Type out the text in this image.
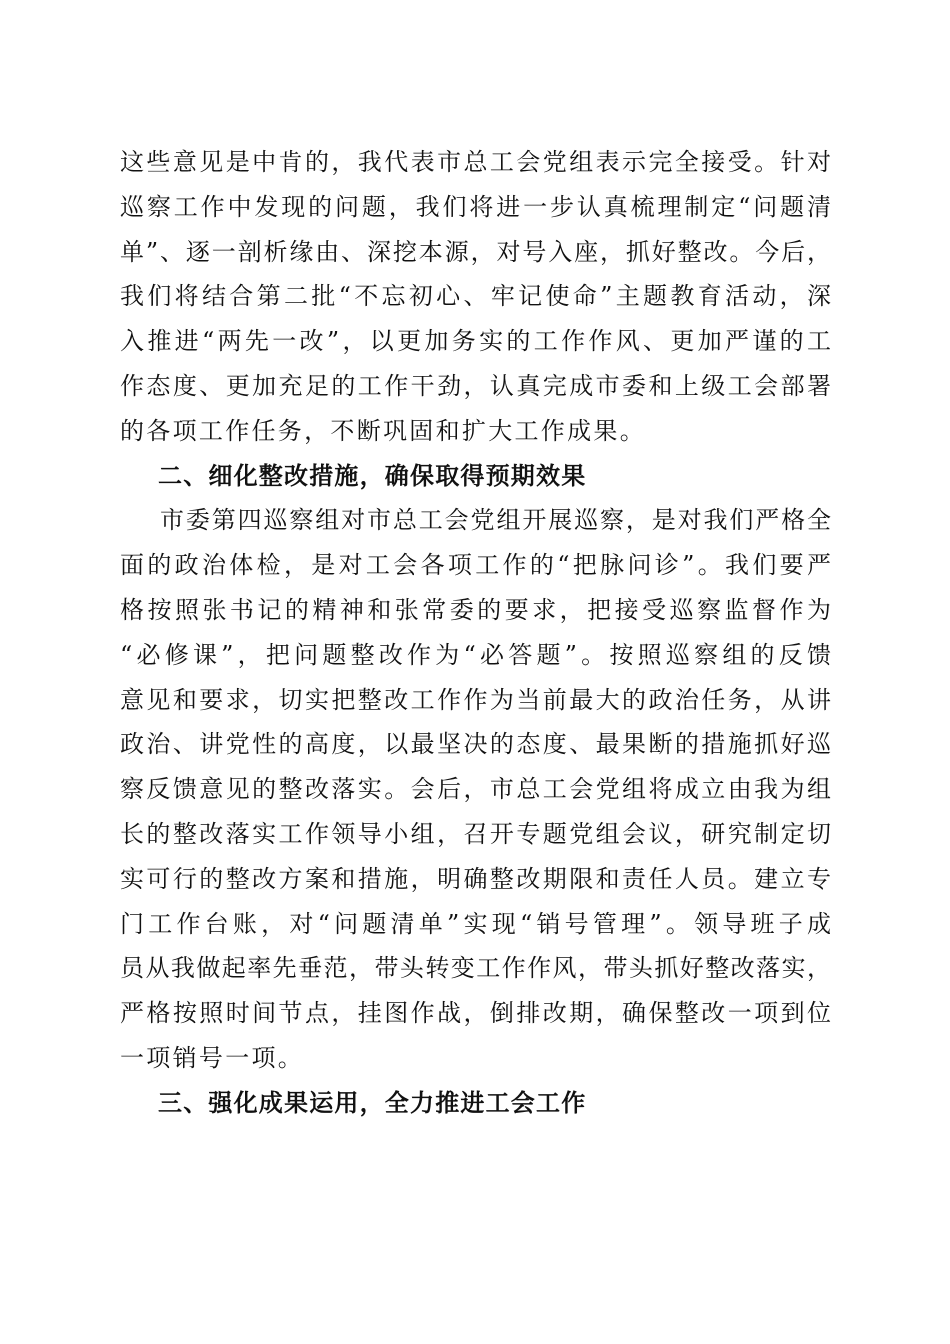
这些意见是中肯的，我代表市总工会党组表示完全接受。针对
巡察工作中发现的问题，我们将进一步认真梳理制定“问题清
单”、逐一剖析缘由、深挖本源，对号入座，抓好整改。今后，
我们将结合第二批“不忘初心、牢记使命”主题教育活动，深
入推进“两先一改”，以更加务实的工作作风、更加严谨的工
作态度、更加充足的工作干劲，认真完成市委和上级工会部署
的各项工作任务，不断巩固和扩大工作成果。
二、细化整改措施，确保取得预期效果
市委第四巡察组对市总工会党组开展巡察，是对我们严格全
面的政治体检，是对工会各项工作的“把脉问诊”。我们要严
格按照张书记的精神和张常委的要求，把接受巡察监督作为
“必修课”，把问题整改作为“必答题”。按照巡察组的反馈
意见和要求，切实把整改工作作为当前最大的政治任务，从讲
政治、讲党性的高度，以最坚决的态度、最果断的措施抓好巡
察反馈意见的整改落实。会后，市总工会党组将成立由我为组
长的整改落实工作领导小组，召开专题党组会议，研究制定切
实可行的整改方案和措施，明确整改期限和责任人员。建立专
门工作台账，对“问题清单”实现“销号管理”。领导班子成
员从我做起率先垂范，带头转变工作作风，带头抓好整改落实，
严格按照时间节点，挂图作战，倒排改期，确保整改一项到位
一项销号一项。
三、强化成果运用，全力推进工会工作
